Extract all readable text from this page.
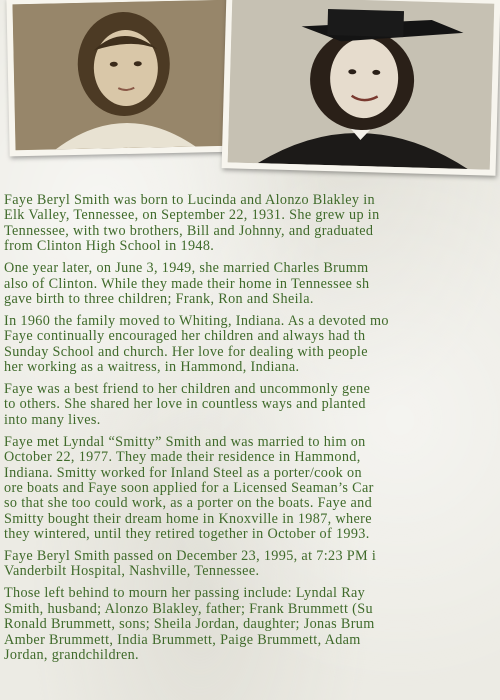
Faye Beryl Smith was born to Lucinda and Alonzo Blakley in
Elk Valley, Tennessee, on September 22, 1931. She grew up in
Tennessee, with two brothers, Bill and Johnny, and graduated
from Clinton High School in 1948.

One year later, on June 3, 1949, she married Charles Brumm
also of Clinton. While they made their home in Tennessee sh
gave birth to three children; Frank, Ron and Sheila.

In 1960 the family moved to Whiting, Indiana. As a devoted mo
Faye continually encouraged her children and always had th
Sunday School and church. Her love for dealing with people
her working as a waitress, in Hammond, Indiana.

Faye was a best friend to her children and uncommonly gene
to others. She shared her love in countless ways and planted
into many lives.

Faye met Lyndal “Smitty” Smith and was married to him on
October 22, 1977. They made their residence in Hammond,
Indiana. Smitty worked for Inland Steel as a porter/cook on
ore boats and Faye soon applied for a Licensed Seaman’s Car
so that she too could work, as a porter on the boats. Faye and
Smitty bought their dream home in Knoxville in 1987, where
they wintered, until they retired together in October of 1993.

Faye Beryl Smith passed on December 23, 1995, at 7:23 PM i
Vanderbilt Hospital, Nashville, Tennessee.

Those left behind to mourn her passing include: Lyndal Ray
Smith, husband; Alonzo Blakley, father; Frank Brummett (Su
Ronald Brummett, sons; Sheila Jordan, daughter; Jonas Brum
Amber Brummett, India Brummett, Paige Brummett, Adam
Jordan, grandchildren.
